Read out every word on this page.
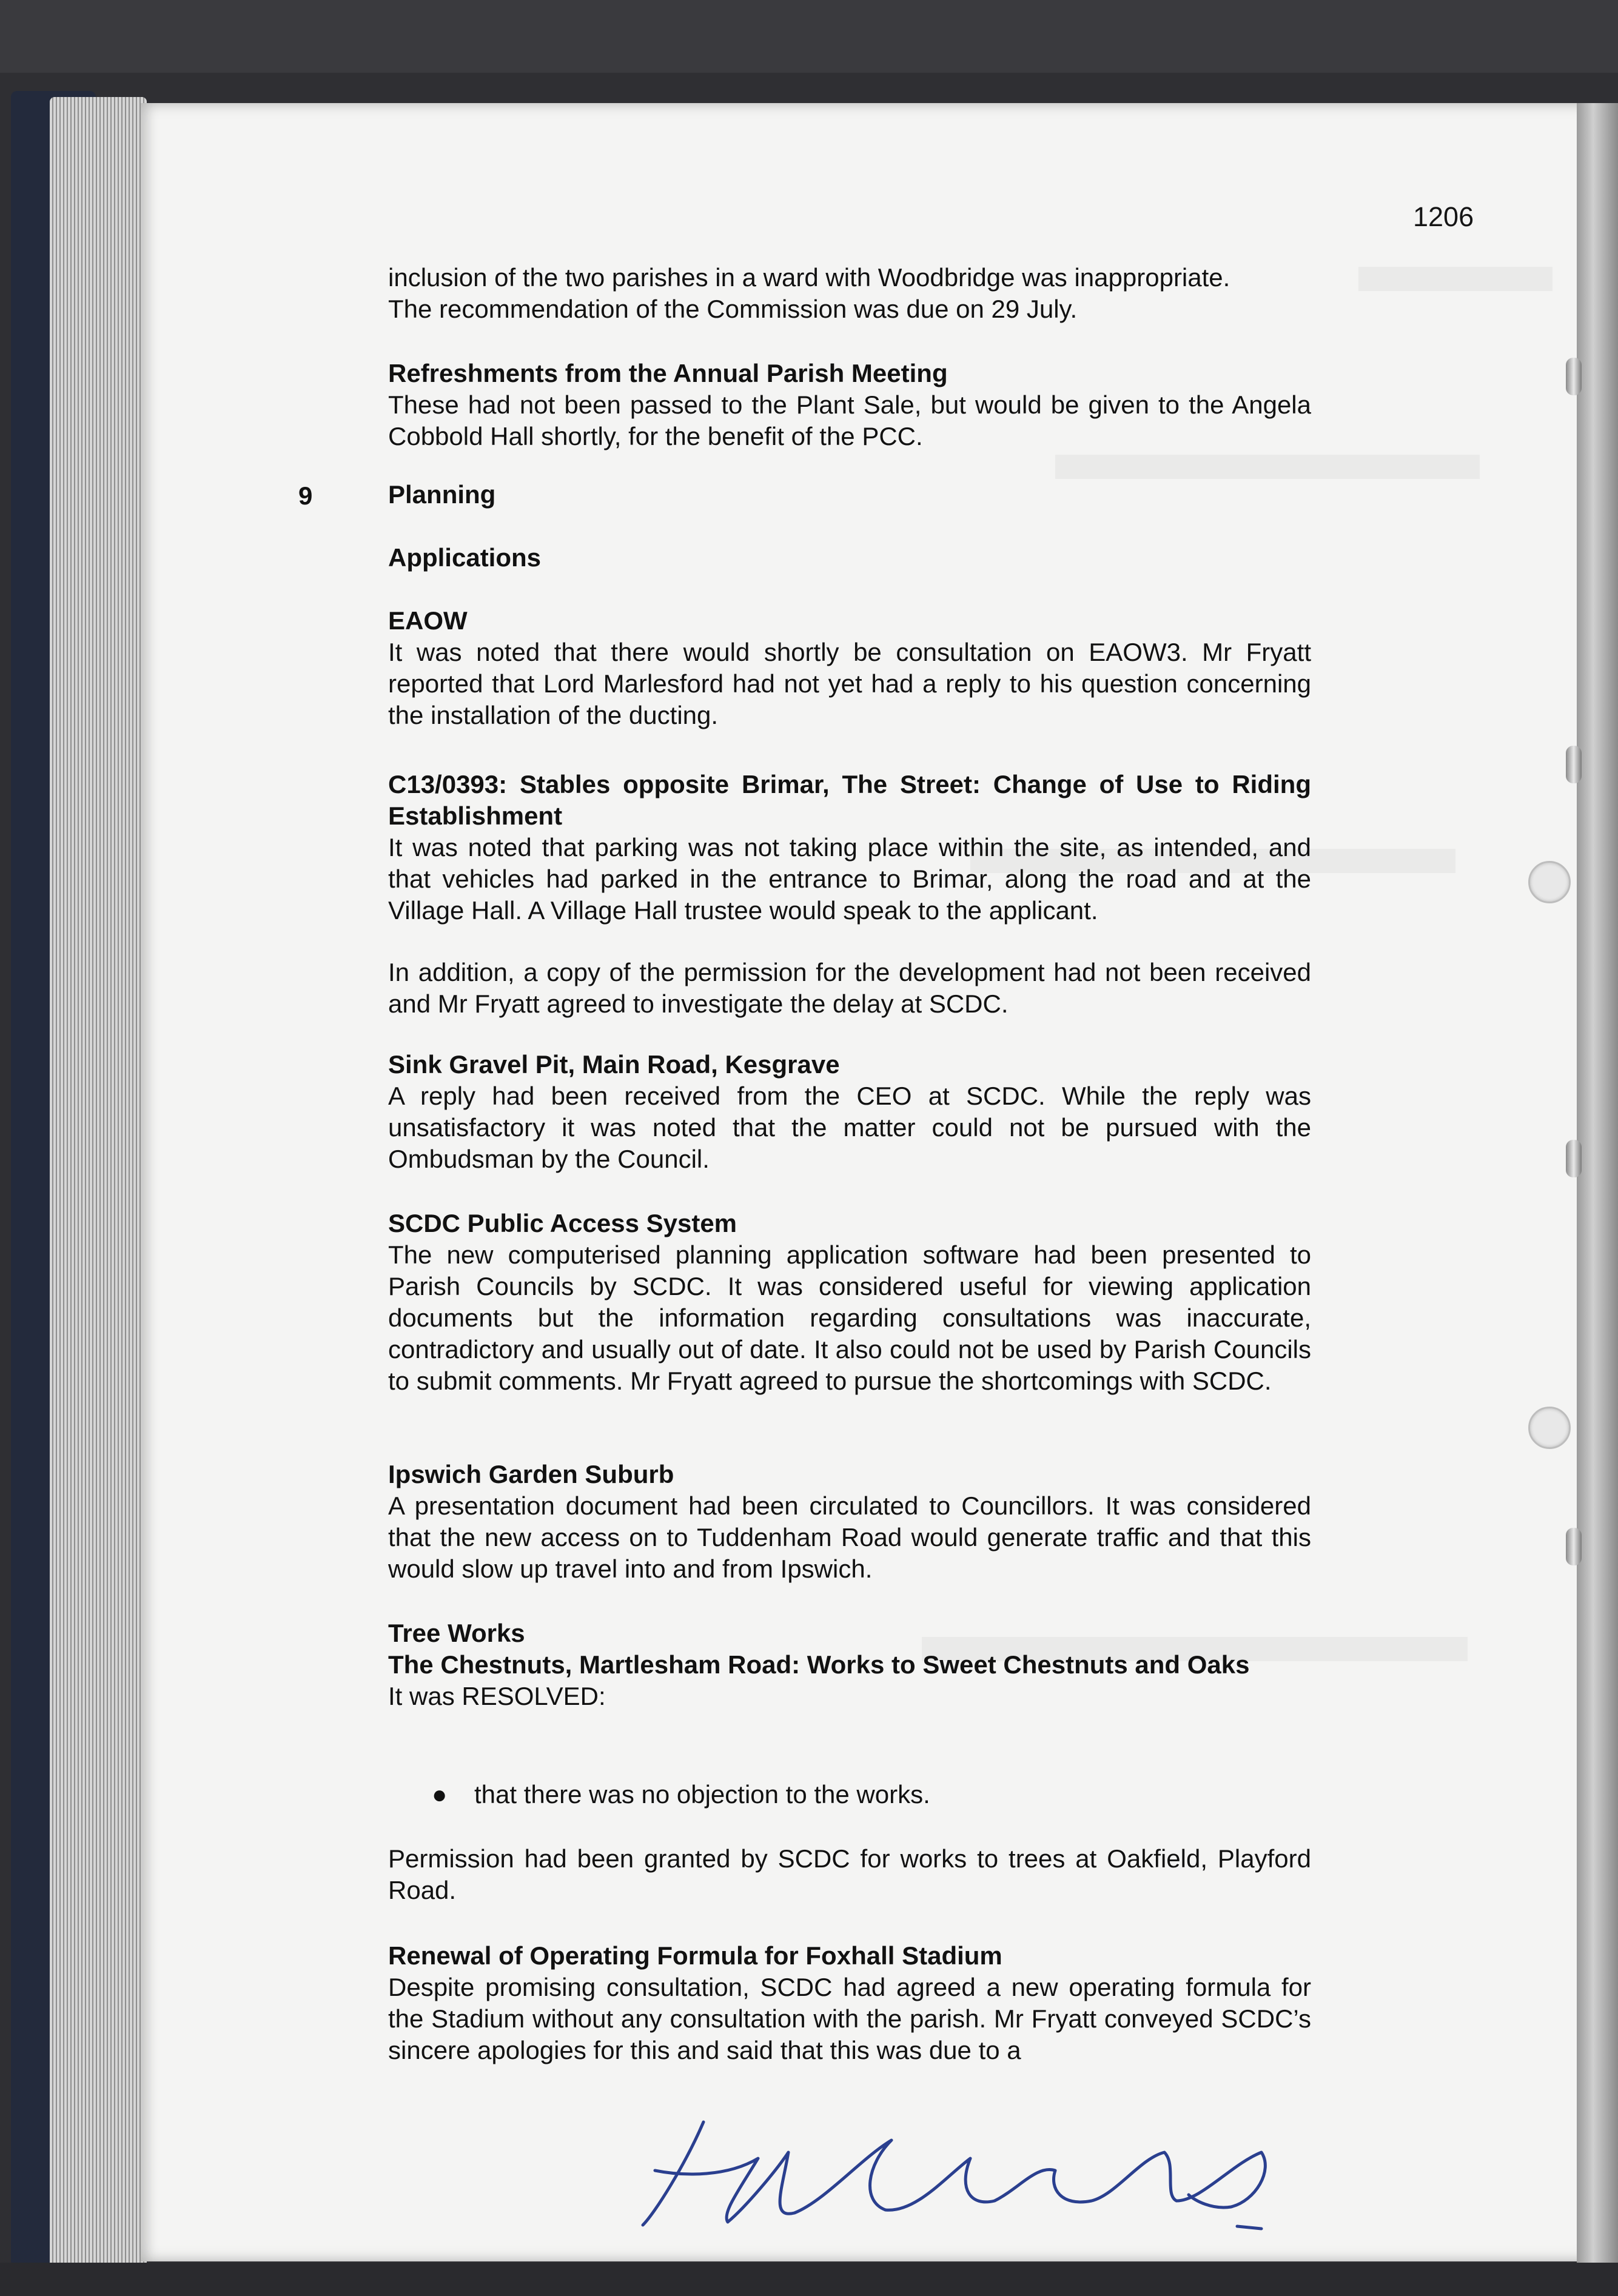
1206
inclusion of the two parishes in a ward with Woodbridge was inappropriate.
The recommendation of the Commission was due on 29 July.
Refreshments from the Annual Parish Meeting
These had not been passed to the Plant Sale, but would be given to the Angela Cobbold Hall shortly, for the benefit of the PCC.
9	Planning
Applications
EAOW
It was noted that there would shortly be consultation on EAOW3. Mr Fryatt reported that Lord Marlesford had not yet had a reply to his question concerning the installation of the ducting.
C13/0393: Stables opposite Brimar, The Street: Change of Use to Riding Establishment
It was noted that parking was not taking place within the site, as intended, and that vehicles had parked in the entrance to Brimar, along the road and at the Village Hall. A Village Hall trustee would speak to the applicant.
In addition, a copy of the permission for the development had not been received and Mr Fryatt agreed to investigate the delay at SCDC.
Sink Gravel Pit, Main Road, Kesgrave
A reply had been received from the CEO at SCDC. While the reply was unsatisfactory it was noted that the matter could not be pursued with the Ombudsman by the Council.
SCDC Public Access System
The new computerised planning application software had been presented to Parish Councils by SCDC. It was considered useful for viewing application documents but the information regarding consultations was inaccurate, contradictory and usually out of date. It also could not be used by Parish Councils to submit comments. Mr Fryatt agreed to pursue the shortcomings with SCDC.
Ipswich Garden Suburb
A presentation document had been circulated to Councillors. It was considered that the new access on to Tuddenham Road would generate traffic and that this would slow up travel into and from Ipswich.
Tree Works
The Chestnuts, Martlesham Road: Works to Sweet Chestnuts and Oaks
It was RESOLVED:
● that there was no objection to the works.
Permission had been granted by SCDC for works to trees at Oakfield, Playford Road.
Renewal of Operating Formula for Foxhall Stadium
Despite promising consultation, SCDC had agreed a new operating formula for the Stadium without any consultation with the parish. Mr Fryatt conveyed SCDC’s sincere apologies for this and said that this was due to a
